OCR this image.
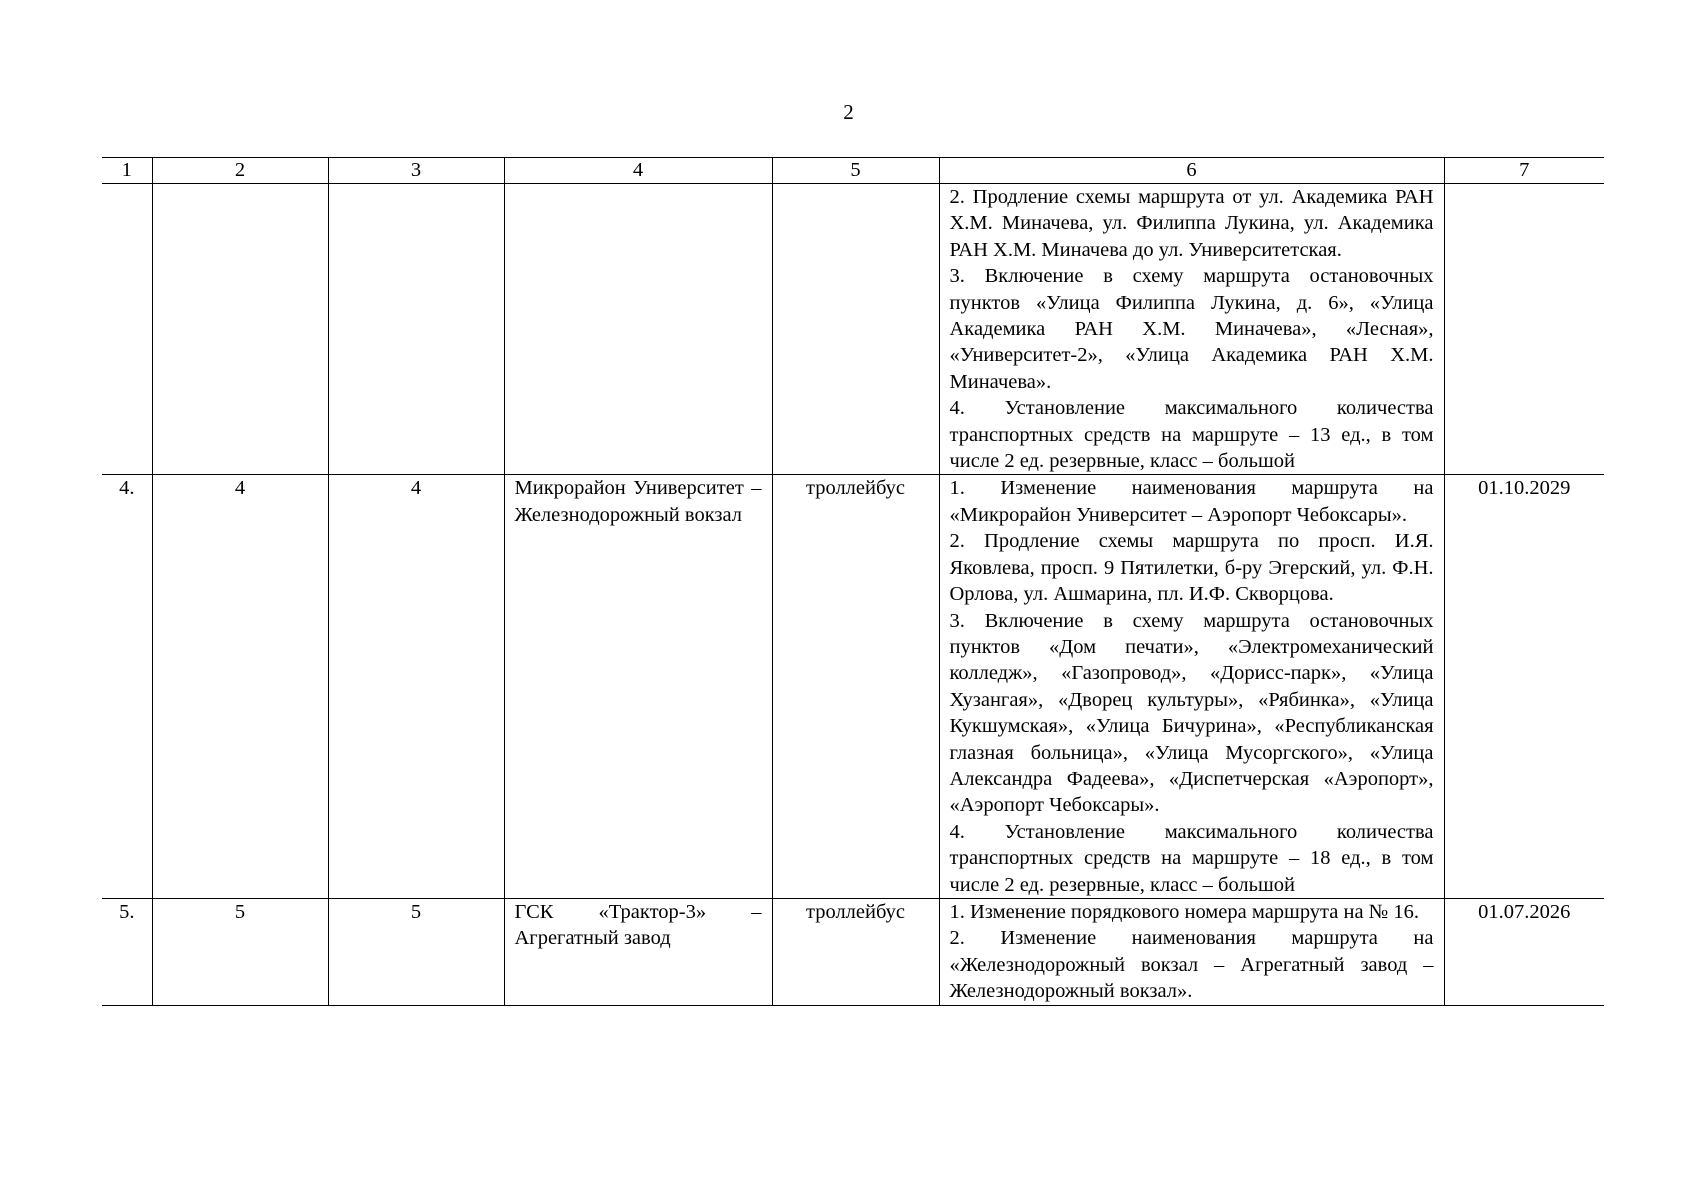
2
1	2	3	4	5	6	7

					2. Продление схемы маршрута от ул. Академика РАН Х.М. Миначева, ул. Филиппа Лукина, ул. Академика РАН Х.М. Миначева до ул. Университетская.
3. Включение в схему маршрута остановочных пунктов «Улица Филиппа Лукина, д. 6», «Улица Академика РАН Х.М. Миначева», «Лесная», «Университет-2», «Улица Академика РАН Х.М. Миначева».
4. Установление максимального количества транспортных средств на маршруте – 13 ед., в том числе 2 ед. резервные, класс – большой	

4.	4	4	Микрорайон Университет – Железнодорожный вокзал	троллейбус	1. Изменение наименования маршрута на «Микрорайон Университет – Аэропорт Чебоксары».
2. Продление схемы маршрута по просп. И.Я. Яковлева, просп. 9 Пятилетки, б-ру Эгерский, ул. Ф.Н. Орлова, ул. Ашмарина, пл. И.Ф. Скворцова.
3. Включение в схему маршрута остановочных пунктов «Дом печати», «Электромеханический колледж», «Газопровод», «Дорисс-парк», «Улица Хузангая», «Дворец культуры», «Рябинка», «Улица Кукшумская», «Улица Бичурина», «Республиканская глазная больница», «Улица Мусоргского», «Улица Александра Фадеева», «Диспетчерская «Аэропорт», «Аэропорт Чебоксары».
4. Установление максимального количества транспортных средств на маршруте – 18 ед., в том числе 2 ед. резервные, класс – большой	01.10.2029
5.	5	5	ГСК «Трактор-3» – Агрегатный завод	троллейбус	1. Изменение порядкового номера маршрута на № 16.
2. Изменение наименования маршрута на «Железнодорожный вокзал – Агрегатный завод – Железнодорожный вокзал».	01.07.2026
